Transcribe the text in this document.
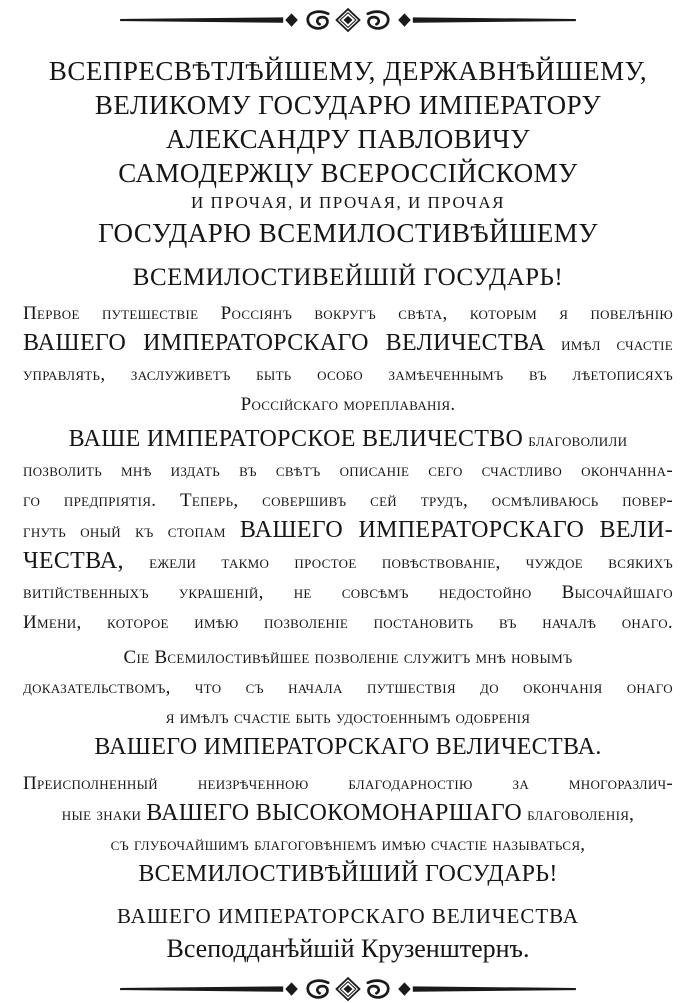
ВСЕПРЕСВѢТЛѢЙШЕМУ, ДЕРЖАВНѢЙШЕМУ,
ВЕЛИКОМУ ГОСУДАРЮ ИМПЕРАТОРУ
АЛЕКСАНДРУ ПАВЛОВИЧУ
САМОДЕРЖЦУ ВСЕРОССІЙСКОМУ
И ПРОЧАЯ, И ПРОЧАЯ, И ПРОЧАЯ
ГОСУДАРЮ ВСЕМИЛОСТИВѢЙШЕМУ
ВСЕМИЛОСТИВЕЙШІЙ ГОСУДАРЬ!
Первое путешествіе Россіянъ вокругъ свѣта, которым я повелѣнію
ВАШЕГО ИМПЕРАТОРСКАГО ВЕЛИЧЕСТВА имѣл счастіе
управлять, заслуживетъ быть особо замѣеченнымъ въ лѣетописяхъ
Россійскаго мореплаванія.
ВАШЕ ИМПЕРАТОРСКОЕ ВЕЛИЧЕСТВО благоволили
позволить мнѣ издать въ свѣтъ описаніе сего счастливо окончанна-
го предпріятія. Теперь, совершивъ сей трудъ, осмѣливаюсь повер-
гнуть оный къ стопам ВАШЕГО ИМПЕРАТОРСКАГО ВЕЛИ-
ЧЕСТВА, ежели такмо простое повѣствованіе, чуждое всякихъ
витійственныхъ украшеній, не совсѣмъ недостойно Высочайшаго
Имени, которое имѣю позволеніе постановить въ началѣ онаго.
Сіе Всемилостивѣйшее позволеніе служитъ мнѣ новымъ
доказательствомъ, что съ начала путшествія до окончанія онаго
я имѣлъ счастіе быть удостоеннымъ одобренія
ВАШЕГО ИМПЕРАТОРСКАГО ВЕЛИЧЕСТВА.
Преисполненный неизрѣченною благодарностію за многоразлич-
ные знаки ВАШЕГО ВЫСОКОМОНАРШАГО благоволенія,
съ глубочайшимъ благоговѣніемъ имѣю счастіе называться,
ВСЕМИЛОСТИВѢЙШИЙ ГОСУДАРЬ!
ВАШЕГО ИМПЕРАТОРСКАГО ВЕЛИЧЕСТВА
Всеподданѣйшій Крузенштернъ.
